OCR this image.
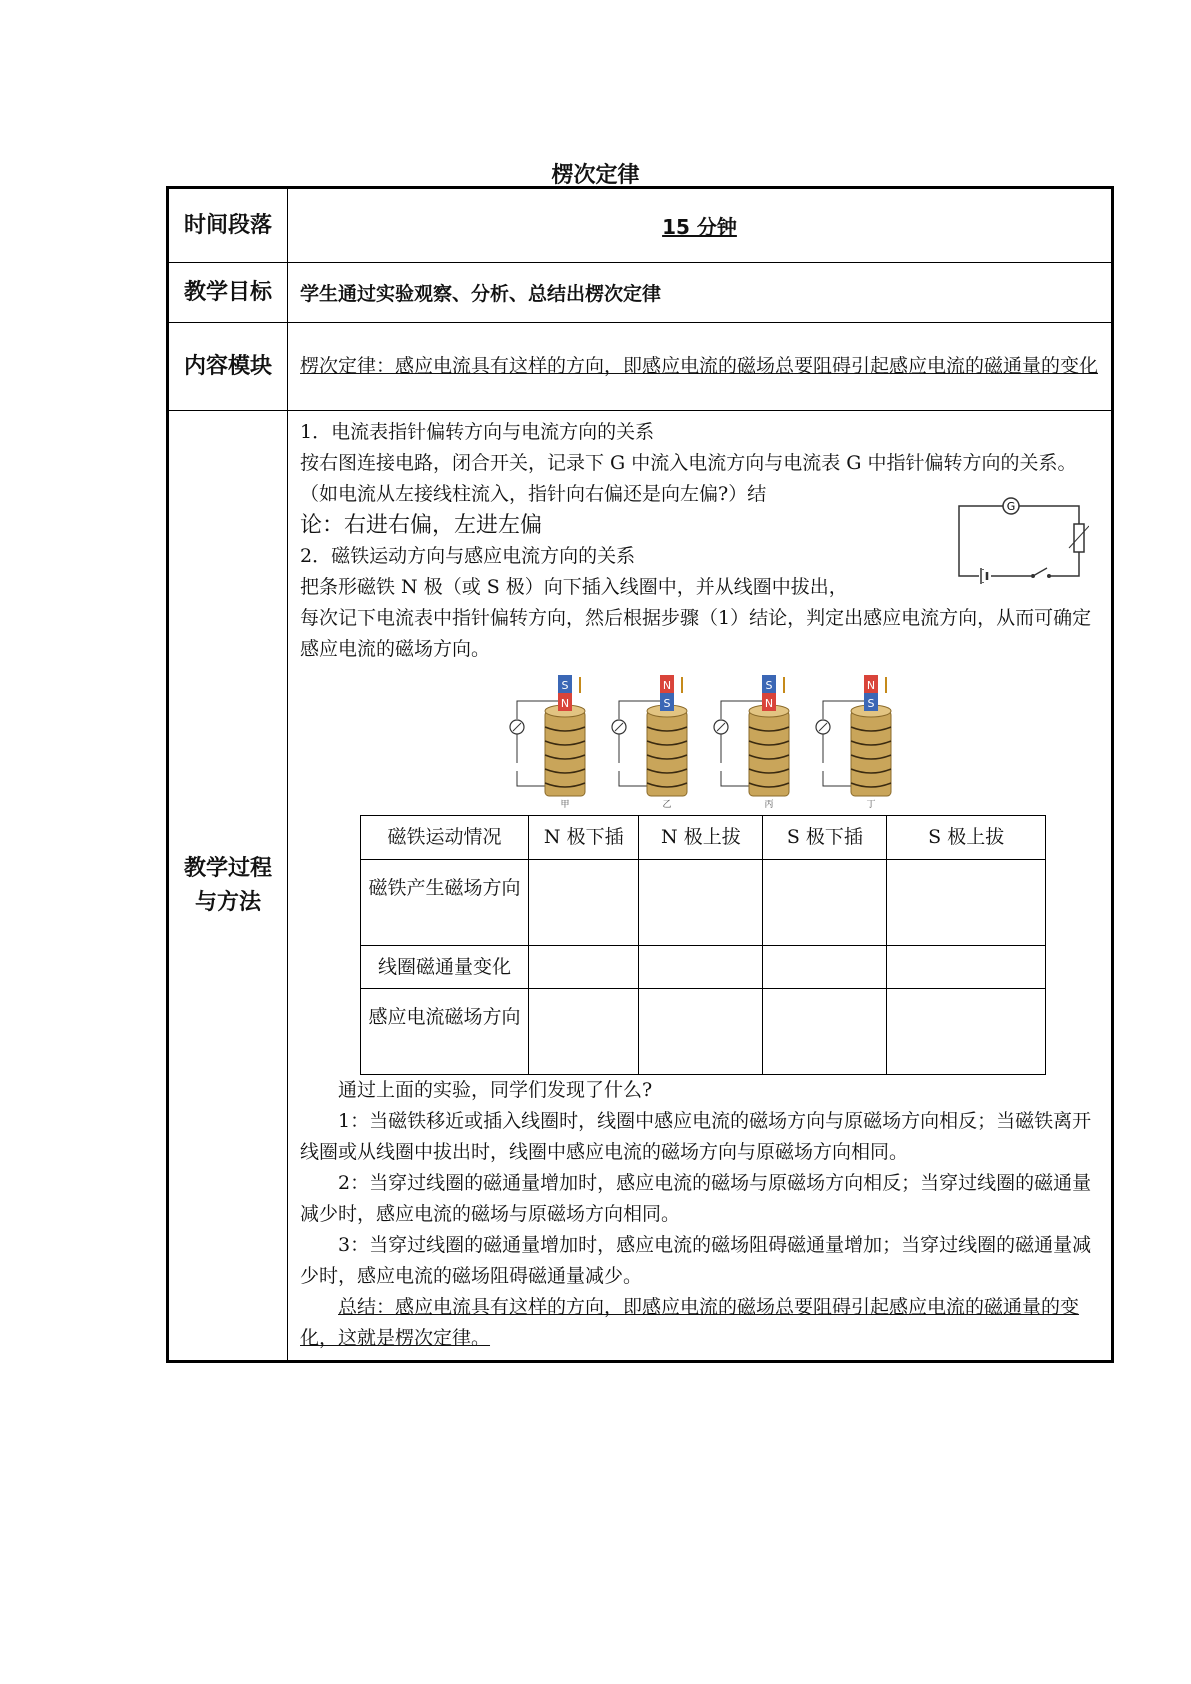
楞次定律
时间段落	15 分钟
教学目标	学生通过实验观察、分析、总结出楞次定律
内容模块	楞次定律：感应电流具有这样的方向，即感应电流的磁场总要阻碍引起感应电流的磁通量的变化

教学过程
与方法

1．电流表指针偏转方向与电流方向的关系
按右图连接电路，闭合开关，记录下 G 中流入电流方向与电流表 G 中指针偏转方向的关系。（如电流从左接线柱流入，指针向右偏还是向左偏?）结
G
论：右进右偏，左进左偏
2．磁铁运动方向与感应电流方向的关系
把条形磁铁 N 极（或 S 极）向下插入线圈中，并从线圈中拔出，
每次记下电流表中指针偏转方向，然后根据步骤（1）结论，判定出感应电流方向，从而可确定感应电流的磁场方向。
S
N
甲
N
S
乙
S
N
丙
N
S
丁
磁铁运动情况	N 极下插	N 极上拔	S 极下插	S 极上拔
磁铁产生磁场方向				
线圈磁通量变化				
感应电流磁场方向				
通过上面的实验，同学们发现了什么?
1：当磁铁移近或插入线圈时，线圈中感应电流的磁场方向与原磁场方向相反；当磁铁离开线圈或从线圈中拔出时，线圈中感应电流的磁场方向与原磁场方向相同。
2：当穿过线圈的磁通量增加时，感应电流的磁场与原磁场方向相反；当穿过线圈的磁通量减少时，感应电流的磁场与原磁场方向相同。
3：当穿过线圈的磁通量增加时，感应电流的磁场阻碍磁通量增加；当穿过线圈的磁通量减少时，感应电流的磁场阻碍磁通量减少。
总结：感应电流具有这样的方向，即感应电流的磁场总要阻碍引起感应电流的磁通量的变化，这就是楞次定律。
